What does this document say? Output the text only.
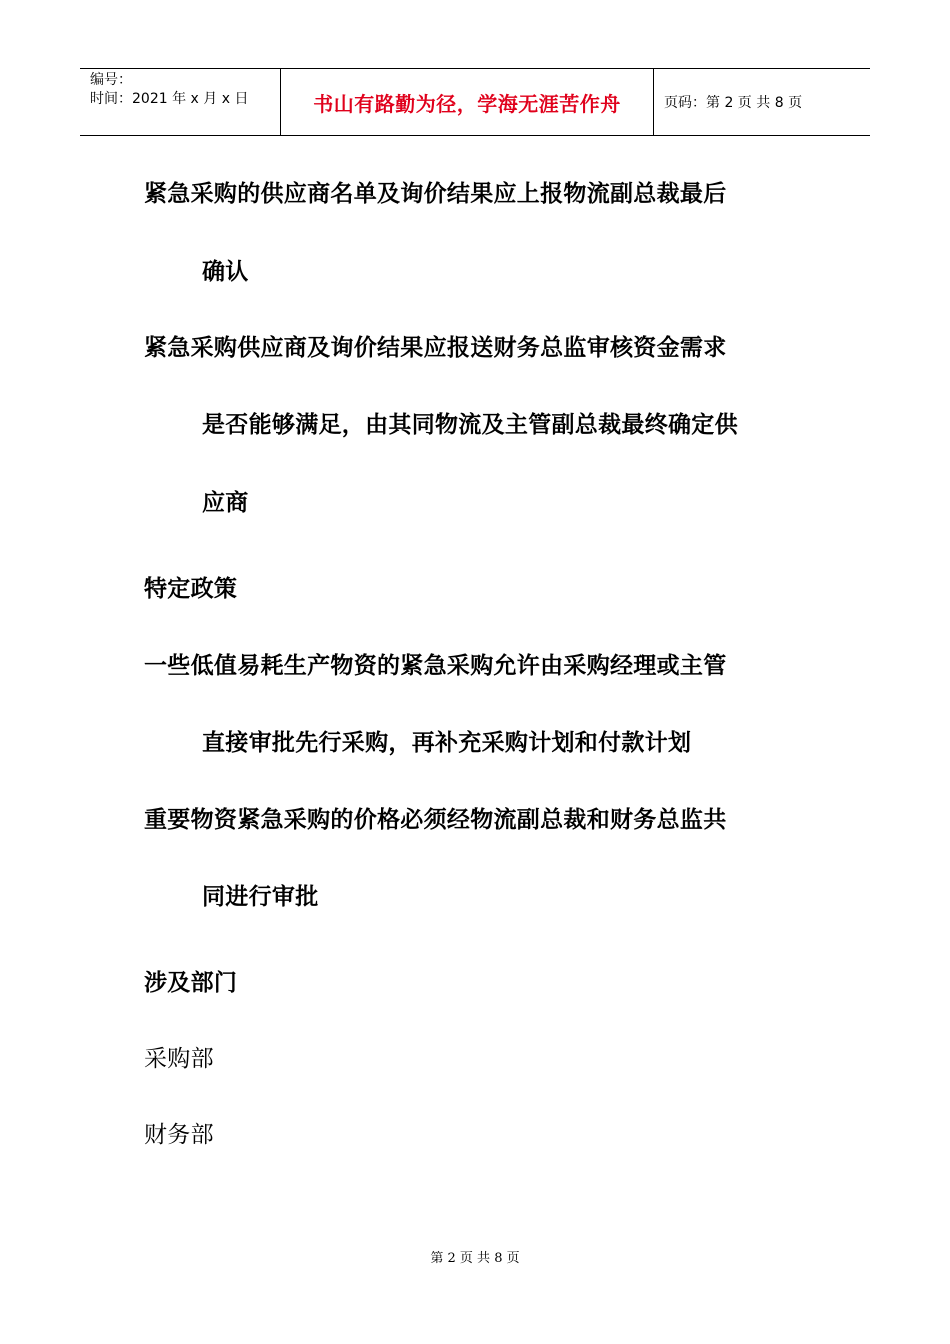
编号：
时间：2021 年 x 月 x 日	书山有路勤为径，学海无涯苦作舟	页码：第 2 页 共 8 页
紧急采购的供应商名单及询价结果应上报物流副总裁最后
确认
紧急采购供应商及询价结果应报送财务总监审核资金需求
是否能够满足，由其同物流及主管副总裁最终确定供
应商
特定政策
一些低值易耗生产物资的紧急采购允许由采购经理或主管
直接审批先行采购，再补充采购计划和付款计划
重要物资紧急采购的价格必须经物流副总裁和财务总监共
同进行审批
涉及部门
采购部
财务部
第 2 页 共 8 页
